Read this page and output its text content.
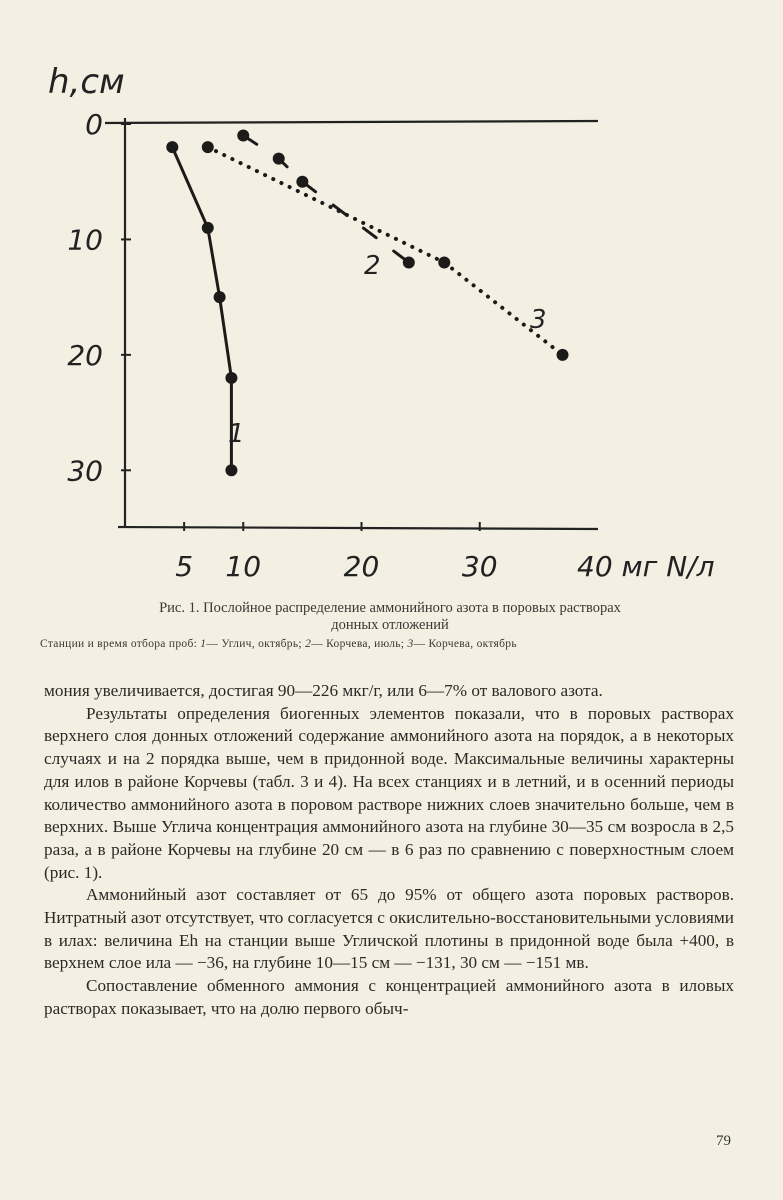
0
10
20
30
5 10	20	30
h,см
40 мг N/л
1
2
3
Рис. 1. Послойное распределение аммонийного азота в поровых растворах
донных отложений
Станции и время отбора проб: 1— Углич, октябрь; 2— Корчева, июль; 3— Корчева, октябрь

мония увеличивается, достигая 90—226 мкг/г, или 6—7% от валового азота.

Результаты определения биогенных элементов показали, что в поровых растворах верхнего слоя донных отложений содержание аммонийного азота на порядок, а в некоторых случаях и на 2 порядка выше, чем в придонной воде. Максимальные величины характерны для илов в районе Корчевы (табл. 3 и 4). На всех станциях и в летний, и в осенний периоды количество аммонийного азота в поровом растворе нижних слоев значительно больше, чем в верхних. Выше Углича концентрация аммонийного азота на глубине 30—35 см возросла в 2,5 раза, а в районе Корчевы на глубине 20 см — в 6 раз по сравнению с поверхностным слоем (рис. 1).

Аммонийный азот составляет от 65 до 95% от общего азота поровых растворов. Нитратный азот отсутствует, что согласуется с окислительно-восстановительными условиями в илах: величина Eh на станции выше Угличской плотины в придонной воде была +400, в верхнем слое ила — −36, на глубине 10—15 см — −131, 30 см — −151 мв.

Сопоставление обменного аммония с концентрацией аммонийного азота в иловых растворах показывает, что на долю первого обыч-

79
